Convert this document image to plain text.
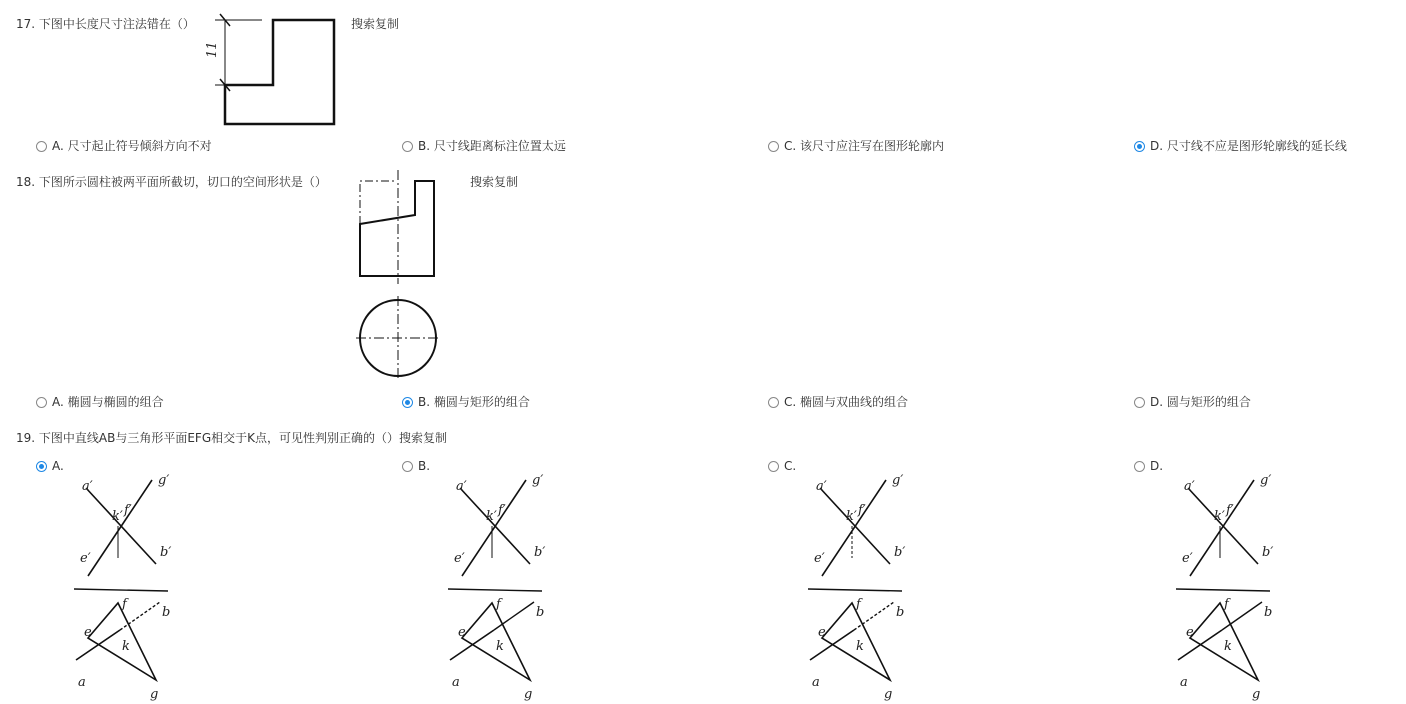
17. 下图中长度尺寸注法错在（）	搜索复制
11
A. 尺寸起止符号倾斜方向不对	B. 尺寸线距离标注位置太远	C. 该尺寸应注写在图形轮廓内	D. 尺寸线不应是图形轮廓线的延长线
18. 下图所示圆柱被两平面所截切，切口的空间形状是（）	搜索复制
A. 椭圆与椭圆的组合	B. 椭圆与矩形的组合	C. 椭圆与双曲线的组合	D. 圆与矩形的组合
19. 下图中直线AB与三角形平面EFG相交于K点，可见性判别正确的（）搜索复制
A.	B.	C.	D.
a′	g′
k′ f′
e′	b′
e
f
b
k
a
g
a′	g′
k′ f′
e′	b′
e
f
b
k
a
g
a′	g′
k′ f′
e′	b′
e
f
b
k
a
g
a′	g′
k′ f′
e′	b′
e
f
b
k
a
g
